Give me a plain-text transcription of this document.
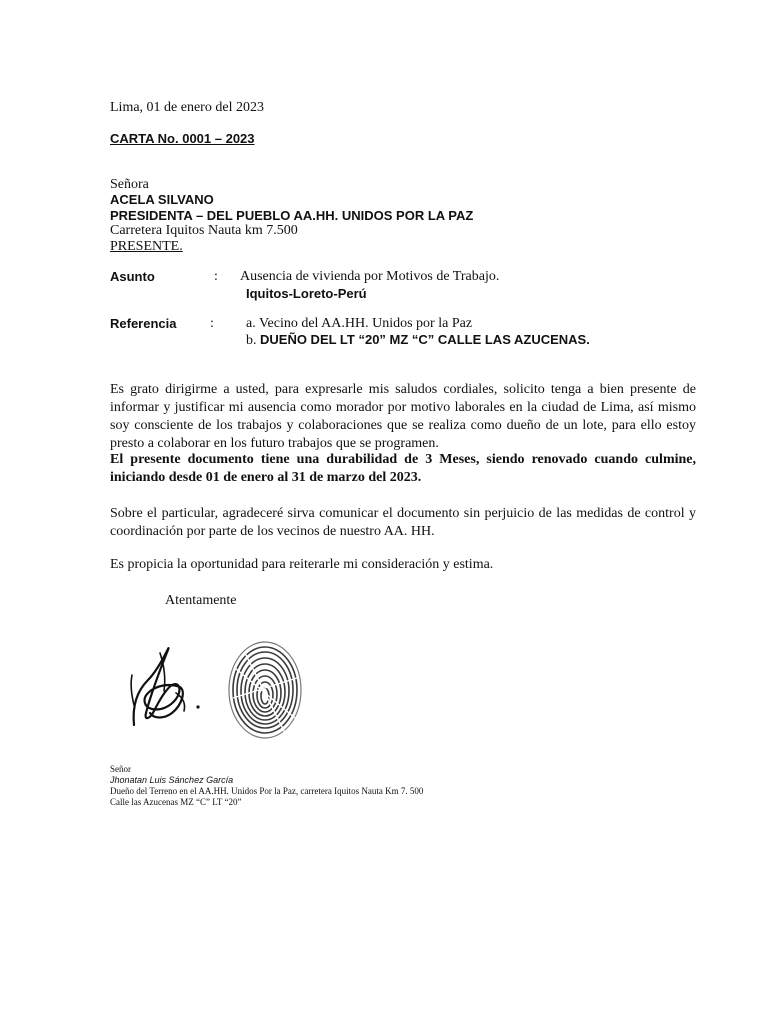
Lima, 01 de enero del 2023
CARTA No. 0001 – 2023
Señora
ACELA SILVANO
PRESIDENTA – DEL PUEBLO AA.HH. UNIDOS POR LA PAZ
Carretera Iquitos Nauta km 7.500
PRESENTE.
Asunto	: Ausencia de vivienda por Motivos de Trabajo.
Iquitos-Loreto-Perú
Referencia : a. Vecino del AA.HH. Unidos por la Paz
b. DUEÑO DEL LT “20” MZ “C” CALLE LAS AZUCENAS.
Es grato dirigirme a usted, para expresarle mis saludos cordiales, solicito tenga a bien presente de informar y justificar mi ausencia como morador por motivo laborales en la ciudad de Lima, así mismo soy consciente de los trabajos y colaboraciones que se realiza como dueño de un lote, para ello estoy presto a colaborar en los futuro trabajos que se programen.
El presente documento tiene una durabilidad de 3 Meses, siendo renovado cuando culmine, iniciando desde 01 de enero al 31 de marzo del 2023.
Sobre el particular, agradeceré sirva comunicar el documento sin perjuicio de las medidas de control y coordinación por parte de los vecinos de nuestro AA. HH.
Es propicia la oportunidad para reiterarle mi consideración y estima.
Atentamente
Señor
Jhonatan Luis Sánchez García
Dueño del Terreno en el AA.HH. Unidos Por la Paz, carretera Iquitos Nauta Km 7. 500
Calle las Azucenas MZ “C” LT “20”
